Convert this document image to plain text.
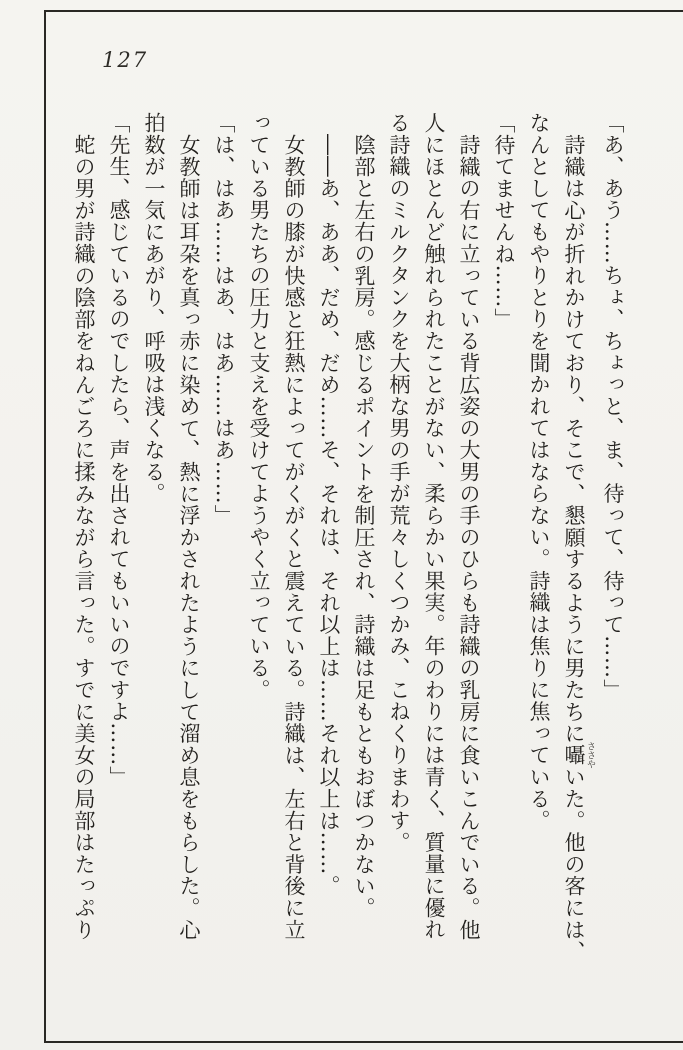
127

「あ、あう……ちょ、ちょっと、ま、待って、待って……」

詩織は心が折れかけており、そこで、懇願するように男たちに囁 ささやいた。他の客には、

なんとしてもやりとりを聞かれてはならない。詩織は焦りに焦っている。

「待てませんね……」

詩織の右に立っている背広姿の大男の手のひらも詩織の乳房に食いこんでいる。他

人にほとんど触れられたことがない、柔らかい果実。年のわりには青く、質量に優れ

る詩織のミルクタンクを大柄な男の手が荒々しくつかみ、こねくりまわす。

陰部と左右の乳房。感じるポイントを制圧され、詩織は足もともおぼつかない。

――あ、ああ、だめ、だめ……そ、それは、それ以上は……それ以上は……。

女教師の膝が快感と狂熱によってがくがくと震えている。詩織は、左右と背後に立

っている男たちの圧力と支えを受けてようやく立っている。

「は、はあ……はあ、はあ……はあ……」

女教師は耳朶を真っ赤に染めて、熱に浮かされたようにして溜め息をもらした。心

拍数が一気にあがり、呼吸は浅くなる。

「先生、感じているのでしたら、声を出されてもいいのですよ……」

蛇の男が詩織の陰部をねんごろに揉みながら言った。すでに美女の局部はたっぷり
